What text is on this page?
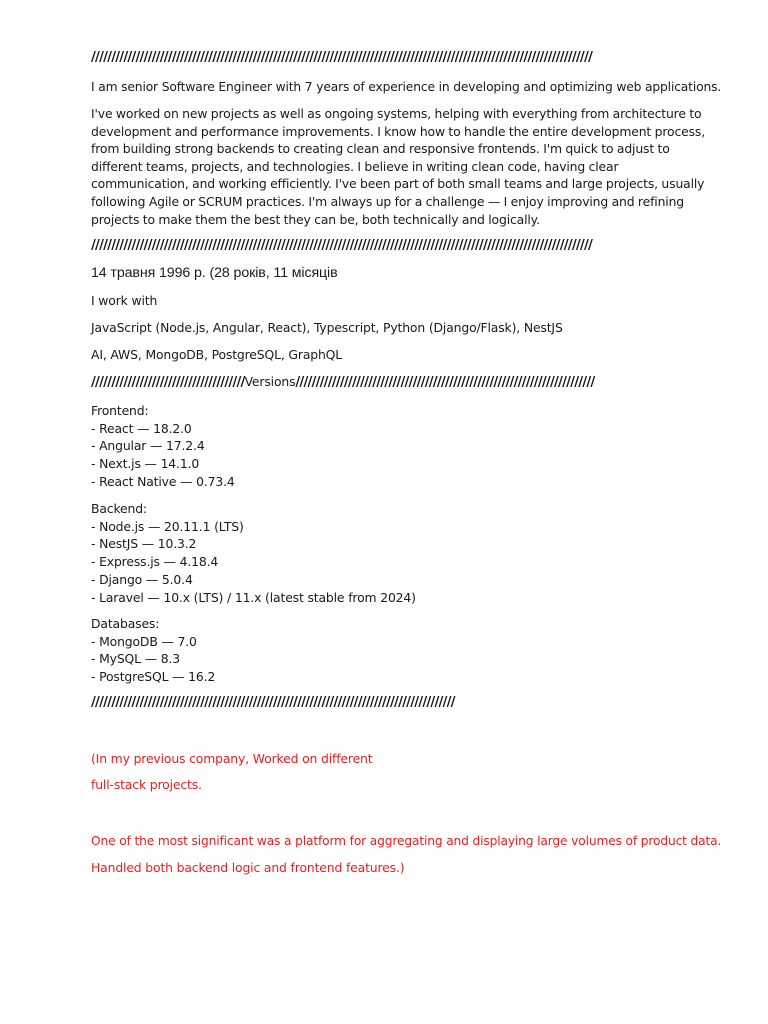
////////////////////////////////////////////////////////////////////////////////////////////////////////////////////////////
I am senior Software Engineer with 7 years of experience in developing and optimizing web applications.
I've worked on new projects as well as ongoing systems, helping with everything from architecture to development and performance improvements. I know how to handle the entire development process, from building strong backends to creating clean and responsive frontends. I'm quick to adjust to different teams, projects, and technologies. I believe in writing clean code, having clear communication, and working efficiently. I've been part of both small teams and large projects, usually following Agile or SCRUM practices. I'm always up for a challenge — I enjoy improving and refining projects to make them the best they can be, both technically and logically.
////////////////////////////////////////////////////////////////////////////////////////////////////////////////////////////
14 травня 1996 р. (28 років, 11 місяців
I work with
JavaScript (Node.js, Angular, React), Typescript, Python (Django/Flask), NestJS
AI, AWS, MongoDB, PostgreSQL, GraphQL
//////////////////////////////////////Versions//////////////////////////////////////////////////////////////////////////
Frontend:
- React — 18.2.0
- Angular — 17.2.4
- Next.js — 14.1.0
- React Native — 0.73.4
Backend:
- Node.js — 20.11.1 (LTS)
- NestJS — 10.3.2
- Express.js — 4.18.4
- Django — 5.0.4
- Laravel — 10.x (LTS) / 11.x (latest stable from 2024)
Databases:
- MongoDB — 7.0
- MySQL — 8.3
- PostgreSQL — 16.2
//////////////////////////////////////////////////////////////////////////////////////////
(In my previous company, Worked on different
full-stack projects.
One of the most significant was a platform for aggregating and displaying large volumes of product data.
Handled both backend logic and frontend features.)
